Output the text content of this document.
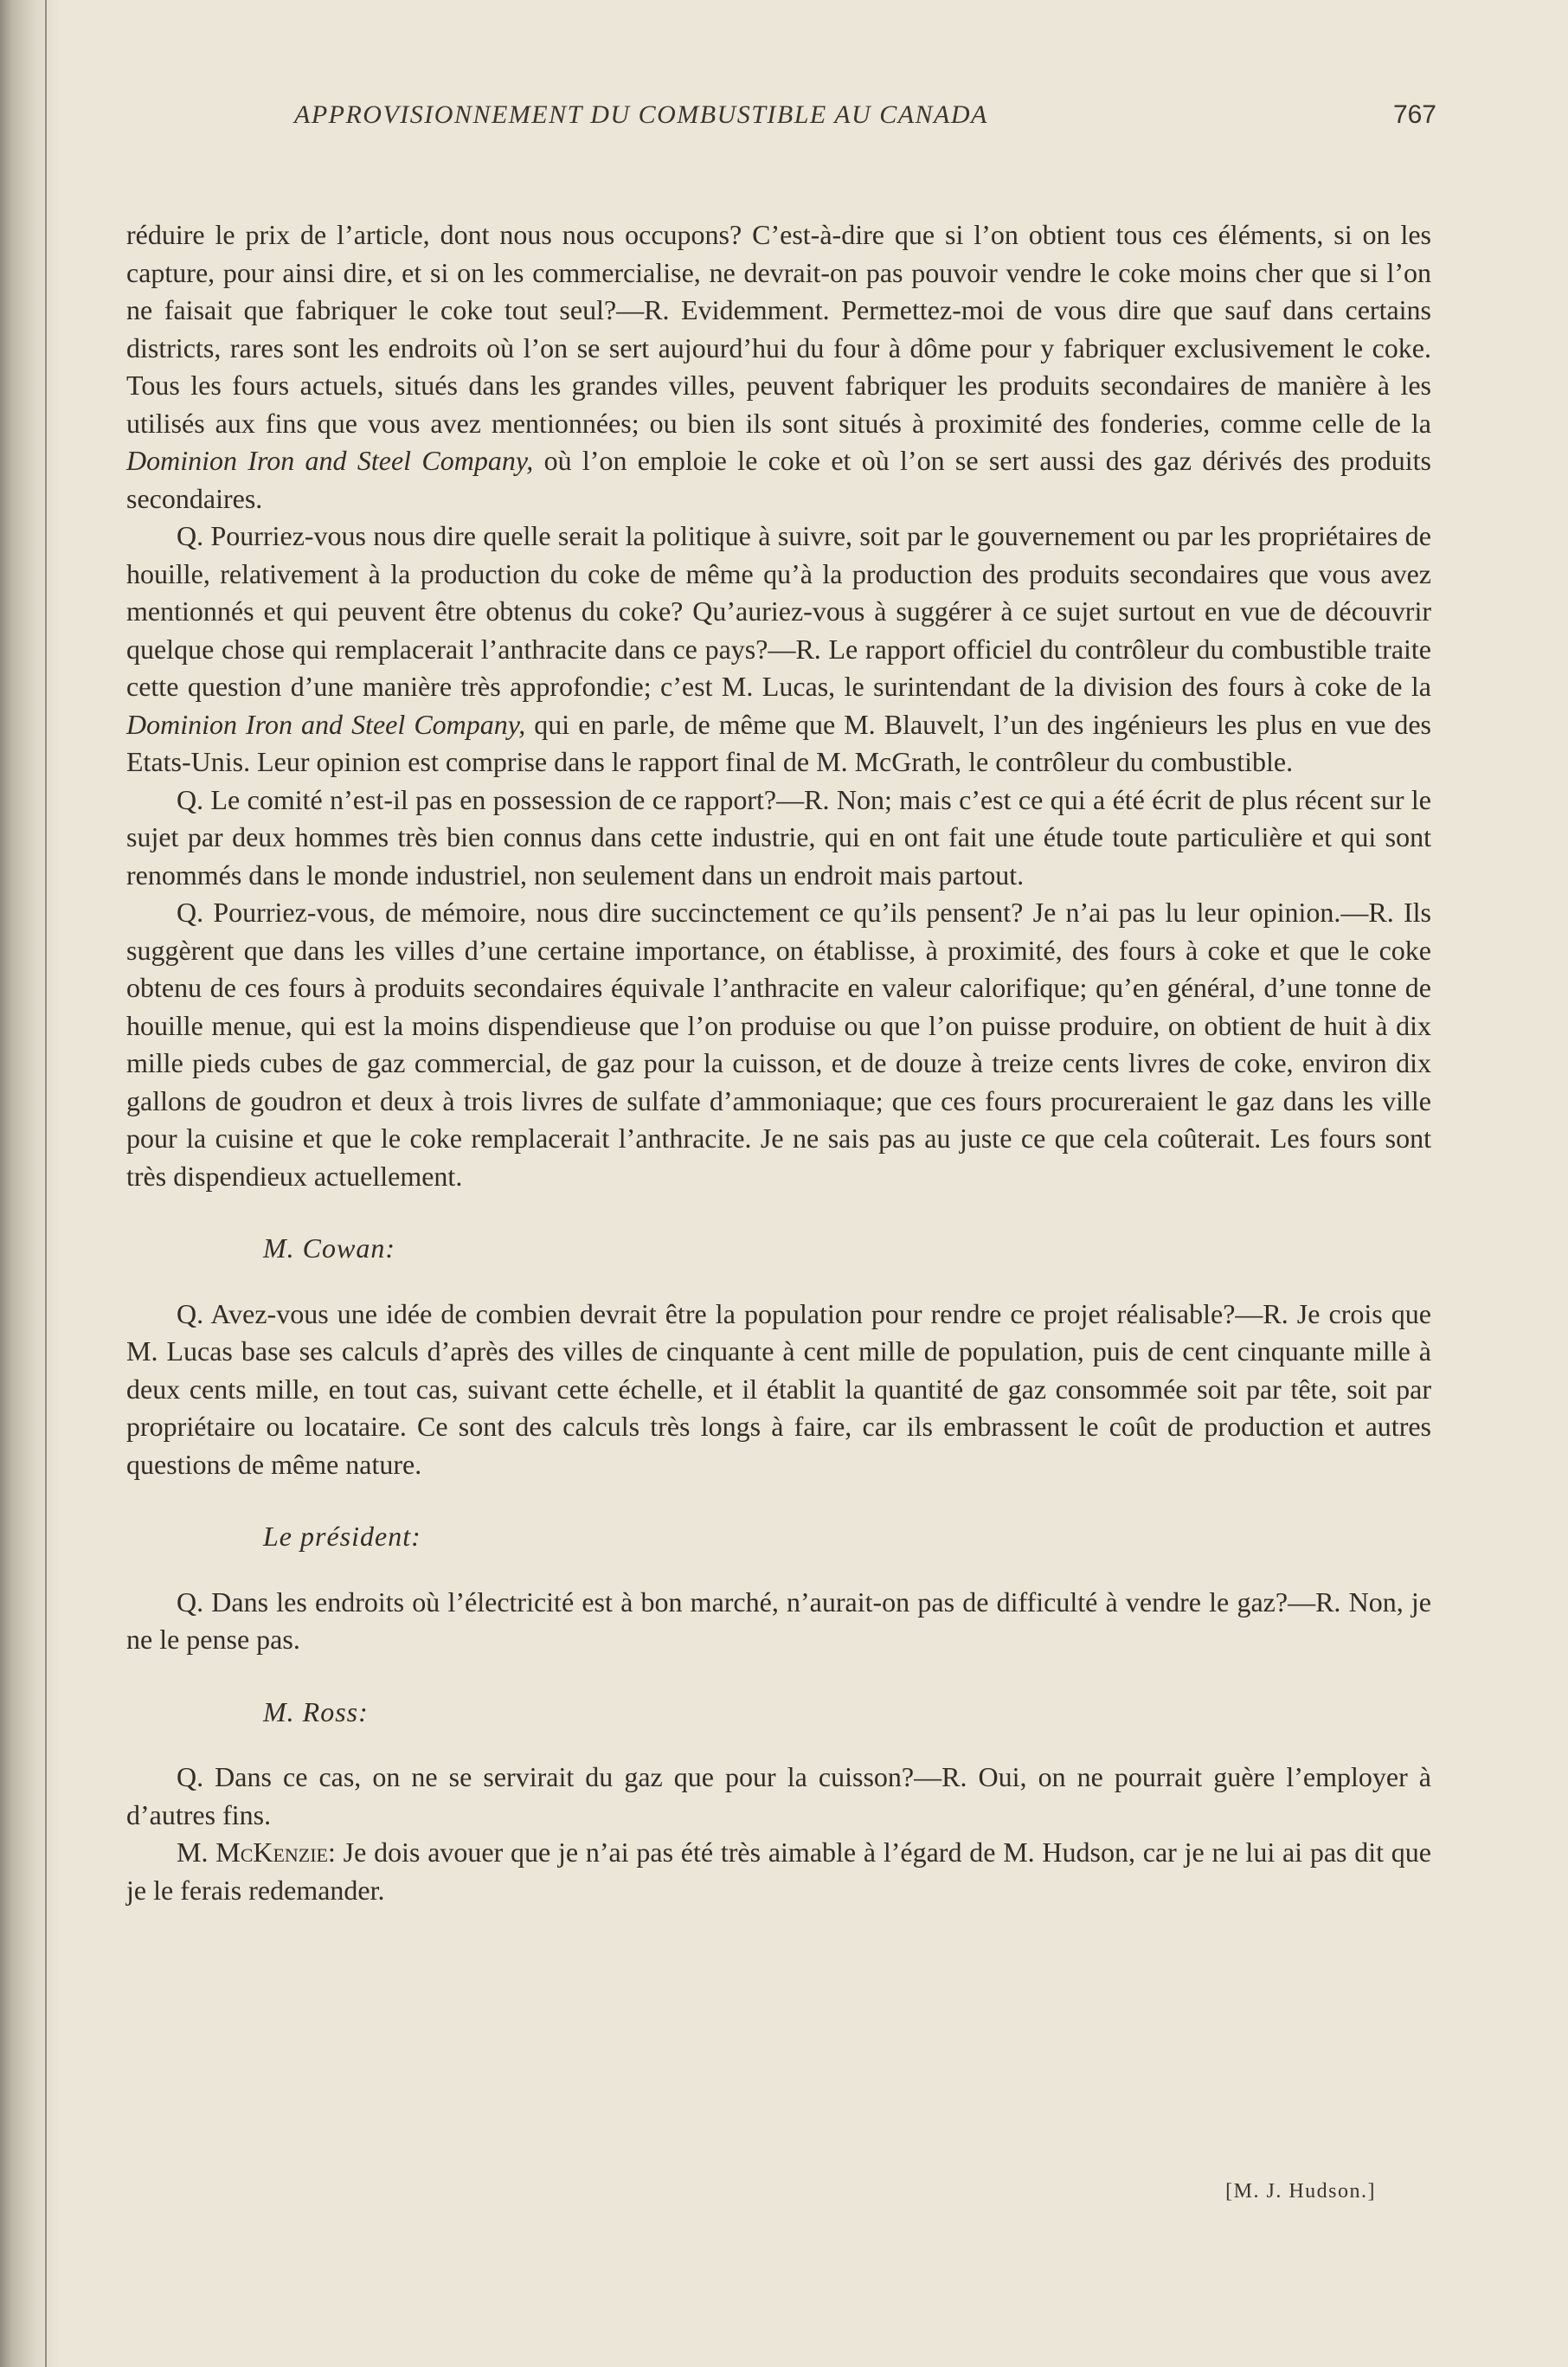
APPROVISIONNEMENT DU COMBUSTIBLE AU CANADA	767

réduire le prix de l’article, dont nous nous occupons? C’est-à-dire que si l’on obtient tous ces éléments, si on les capture, pour ainsi dire, et si on les commercialise, ne devrait-on pas pouvoir vendre le coke moins cher que si l’on ne faisait que fabriquer le coke tout seul?—R. Evidemment. Permettez-moi de vous dire que sauf dans certains districts, rares sont les endroits où l’on se sert aujourd’hui du four à dôme pour y fabriquer exclusivement le coke. Tous les fours actuels, situés dans les grandes villes, peuvent fabriquer les produits secondaires de manière à les utilisés aux fins que vous avez mentionnées; ou bien ils sont situés à proximité des fonderies, comme celle de la Dominion Iron and Steel Company, où l’on emploie le coke et où l’on se sert aussi des gaz dérivés des produits secondaires.

Q. Pourriez-vous nous dire quelle serait la politique à suivre, soit par le gouvernement ou par les propriétaires de houille, relativement à la production du coke de même qu’à la production des produits secondaires que vous avez mentionnés et qui peuvent être obtenus du coke? Qu’auriez-vous à suggérer à ce sujet surtout en vue de découvrir quelque chose qui remplacerait l’anthracite dans ce pays?—R. Le rapport officiel du contrôleur du combustible traite cette question d’une manière très approfondie; c’est M. Lucas, le surintendant de la division des fours à coke de la Dominion Iron and Steel Company, qui en parle, de même que M. Blauvelt, l’un des ingénieurs les plus en vue des Etats-Unis. Leur opinion est comprise dans le rapport final de M. McGrath, le contrôleur du combustible.

Q. Le comité n’est-il pas en possession de ce rapport?—R. Non; mais c’est ce qui a été écrit de plus récent sur le sujet par deux hommes très bien connus dans cette industrie, qui en ont fait une étude toute particulière et qui sont renommés dans le monde industriel, non seulement dans un endroit mais partout.

Q. Pourriez-vous, de mémoire, nous dire succinctement ce qu’ils pensent? Je n’ai pas lu leur opinion.—R. Ils suggèrent que dans les villes d’une certaine importance, on établisse, à proximité, des fours à coke et que le coke obtenu de ces fours à produits secondaires équivale l’anthracite en valeur calorifique; qu’en général, d’une tonne de houille menue, qui est la moins dispendieuse que l’on produise ou que l’on puisse produire, on obtient de huit à dix mille pieds cubes de gaz commercial, de gaz pour la cuisson, et de douze à treize cents livres de coke, environ dix gallons de goudron et deux à trois livres de sulfate d’ammoniaque; que ces fours procureraient le gaz dans les ville pour la cuisine et que le coke remplacerait l’anthracite. Je ne sais pas au juste ce que cela coûterait. Les fours sont très dispendieux actuellement.

M. Cowan:

Q. Avez-vous une idée de combien devrait être la population pour rendre ce projet réalisable?—R. Je crois que M. Lucas base ses calculs d’après des villes de cinquante à cent mille de population, puis de cent cinquante mille à deux cents mille, en tout cas, suivant cette échelle, et il établit la quantité de gaz consommée soit par tête, soit par propriétaire ou locataire. Ce sont des calculs très longs à faire, car ils embrassent le coût de production et autres questions de même nature.

Le président:

Q. Dans les endroits où l’électricité est à bon marché, n’aurait-on pas de difficulté à vendre le gaz?—R. Non, je ne le pense pas.

M. Ross:

Q. Dans ce cas, on ne se servirait du gaz que pour la cuisson?—R. Oui, on ne pourrait guère l’employer à d’autres fins.

M. McKenzie: Je dois avouer que je n’ai pas été très aimable à l’égard de M. Hudson, car je ne lui ai pas dit que je le ferais redemander.

[M. J. Hudson.]
